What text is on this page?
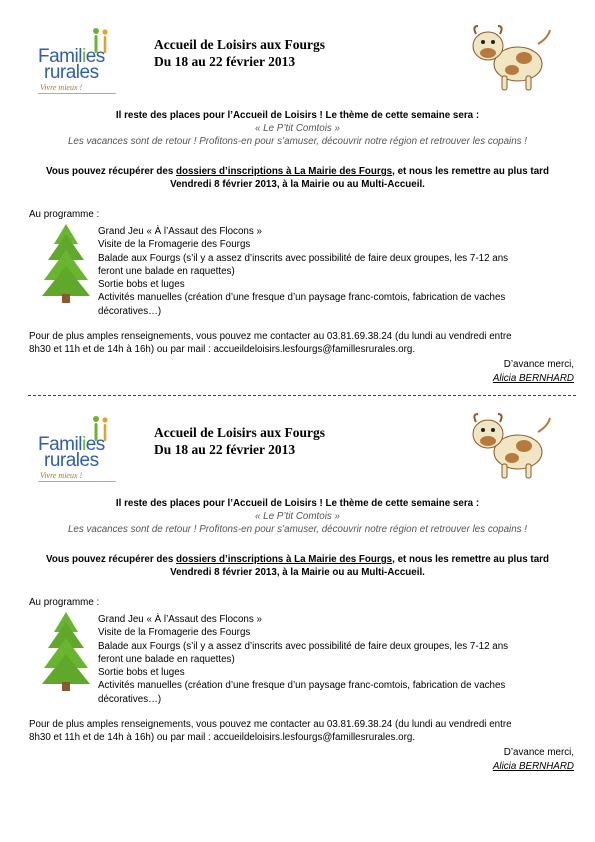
Families
rurales
Vivre mieux !
Accueil de Loisirs aux Fourgs
Du 18 au 22 février 2013
Il reste des places pour l’Accueil de Loisirs ! Le thème de cette semaine sera :
« Le P’tit Comtois »
Les vacances sont de retour ! Profitons-en pour s’amuser, découvrir notre région et retrouver les copains !
Vous pouvez récupérer des dossiers d’inscriptions à La Mairie des Fourgs, et nous les remettre au plus tard
Vendredi 8 février 2013, à la Mairie ou au Multi-Accueil.
Au programme :
Grand Jeu « À l’Assaut des Flocons »
Visite de la Fromagerie des Fourgs
Balade aux Fourgs (s’il y a assez d’inscrits avec possibilité de faire deux groupes, les 7-12 ans
feront une balade en raquettes)
Sortie bobs et luges
Activités manuelles (création d’une fresque d’un paysage franc-comtois, fabrication de vaches
décoratives…)
Pour de plus amples renseignements, vous pouvez me contacter au 03.81.69.38.24 (du lundi au vendredi entre
8h30 et 11h et de 14h à 16h) ou par mail : accueildeloisirs.lesfourgs@famillesrurales.org.
D’avance merci,
Alicia BERNHARD
Families
rurales
Vivre mieux !
Accueil de Loisirs aux Fourgs
Du 18 au 22 février 2013
Il reste des places pour l’Accueil de Loisirs ! Le thème de cette semaine sera :
« Le P’tit Comtois »
Les vacances sont de retour ! Profitons-en pour s’amuser, découvrir notre région et retrouver les copains !
Vous pouvez récupérer des dossiers d’inscriptions à La Mairie des Fourgs, et nous les remettre au plus tard
Vendredi 8 février 2013, à la Mairie ou au Multi-Accueil.
Au programme :
Grand Jeu « À l’Assaut des Flocons »
Visite de la Fromagerie des Fourgs
Balade aux Fourgs (s’il y a assez d’inscrits avec possibilité de faire deux groupes, les 7-12 ans
feront une balade en raquettes)
Sortie bobs et luges
Activités manuelles (création d’une fresque d’un paysage franc-comtois, fabrication de vaches
décoratives…)
Pour de plus amples renseignements, vous pouvez me contacter au 03.81.69.38.24 (du lundi au vendredi entre
8h30 et 11h et de 14h à 16h) ou par mail : accueildeloisirs.lesfourgs@famillesrurales.org.
D’avance merci,
Alicia BERNHARD
